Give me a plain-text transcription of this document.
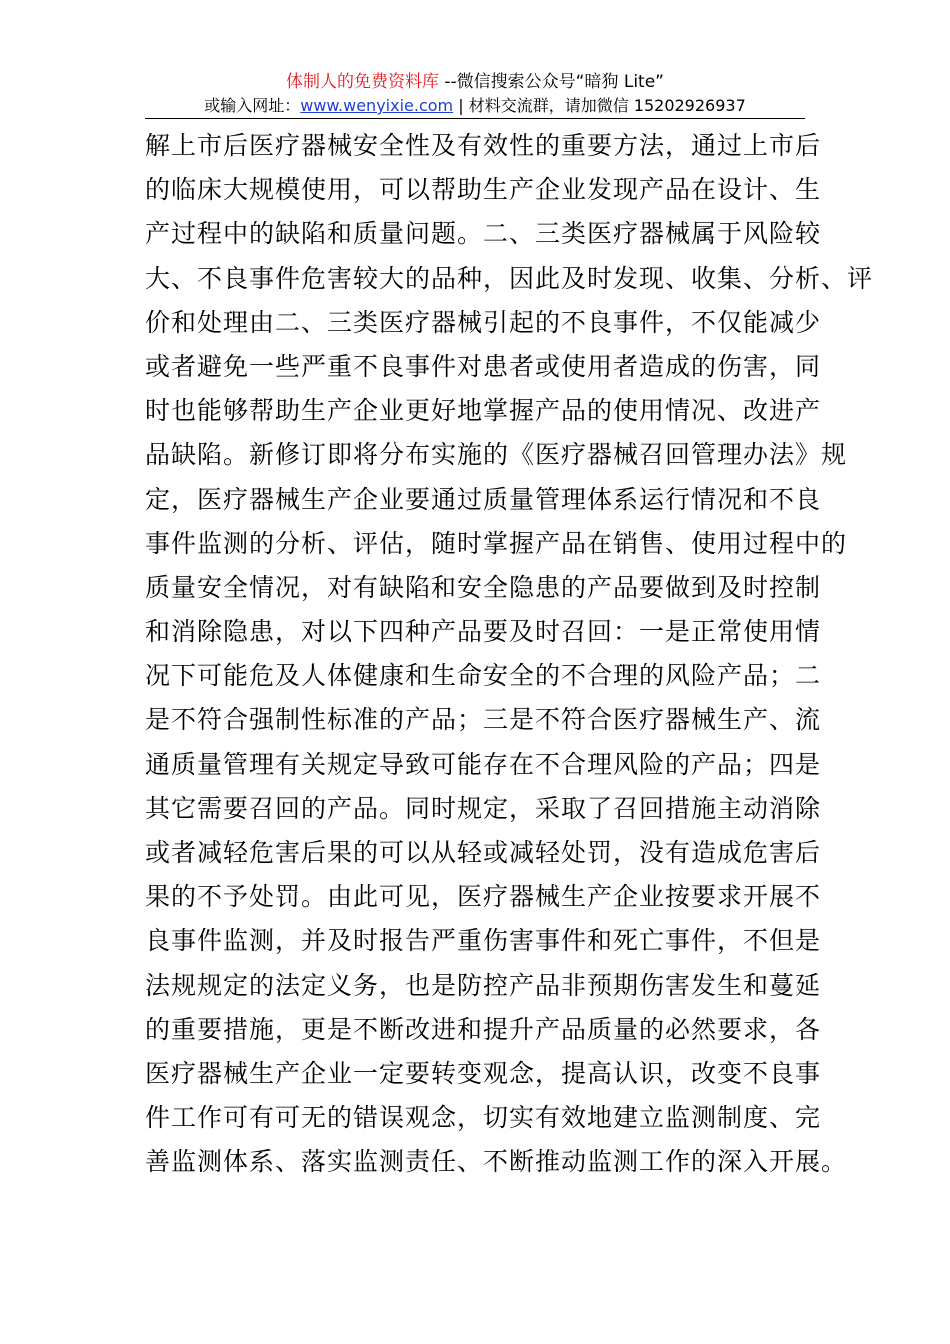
体制人的免费资料库 --微信搜索公众号“暗狗 Lite”
或输入网址：www.wenyixie.com | 材料交流群，请加微信 15202926937
解上市后医疗器械安全性及有效性的重要方法，通过上市后
的临床大规模使用，可以帮助生产企业发现产品在设计、生
产过程中的缺陷和质量问题。二、三类医疗器械属于风险较
大、不良事件危害较大的品种，因此及时发现、收集、分析、评
价和处理由二、三类医疗器械引起的不良事件，不仅能减少
或者避免一些严重不良事件对患者或使用者造成的伤害，同
时也能够帮助生产企业更好地掌握产品的使用情况、改进产
品缺陷。新修订即将分布实施的《医疗器械召回管理办法》规
定，医疗器械生产企业要通过质量管理体系运行情况和不良
事件监测的分析、评估，随时掌握产品在销售、使用过程中的
质量安全情况，对有缺陷和安全隐患的产品要做到及时控制
和消除隐患，对以下四种产品要及时召回：一是正常使用情
况下可能危及人体健康和生命安全的不合理的风险产品；二
是不符合强制性标准的产品；三是不符合医疗器械生产、流
通质量管理有关规定导致可能存在不合理风险的产品；四是
其它需要召回的产品。同时规定，采取了召回措施主动消除
或者减轻危害后果的可以从轻或减轻处罚，没有造成危害后
果的不予处罚。由此可见，医疗器械生产企业按要求开展不
良事件监测，并及时报告严重伤害事件和死亡事件，不但是
法规规定的法定义务，也是防控产品非预期伤害发生和蔓延
的重要措施，更是不断改进和提升产品质量的必然要求，各
医疗器械生产企业一定要转变观念，提高认识，改变不良事
件工作可有可无的错误观念，切实有效地建立监测制度、完
善监测体系、落实监测责任、不断推动监测工作的深入开展。
